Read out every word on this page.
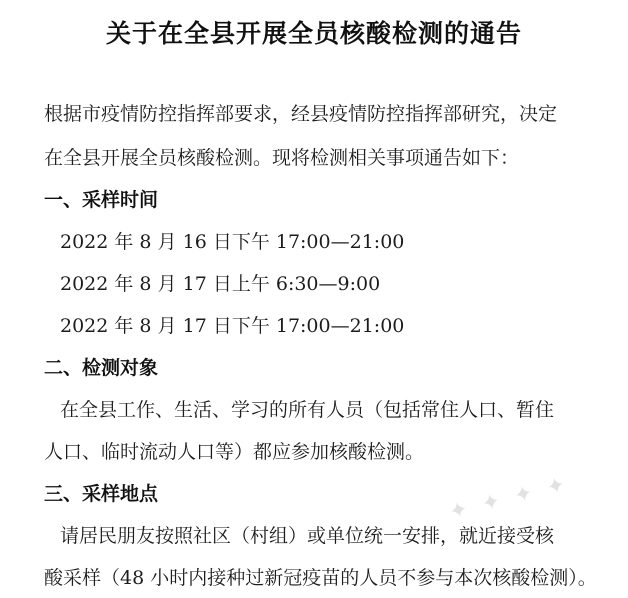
关于在全县开展全员核酸检测的通告
根据市疫情防控指挥部要求，经县疫情防控指挥部研究，决定
在全县开展全员核酸检测。现将检测相关事项通告如下：
一、采样时间
2022 年 8 月 16 日下午 17:00—21:00
2022 年 8 月 17 日上午 6:30—9:00
2022 年 8 月 17 日下午 17:00—21:00
二、检测对象
在全县工作、生活、学习的所有人员（包括常住人口、暂住
人口、临时流动人口等）都应参加核酸检测。
三、采样地点
请居民朋友按照社区（村组）或单位统一安排，就近接受核
酸采样（48 小时内接种过新冠疫苗的人员不参与本次核酸检测）。
✦ ✦ ✦ ✦
